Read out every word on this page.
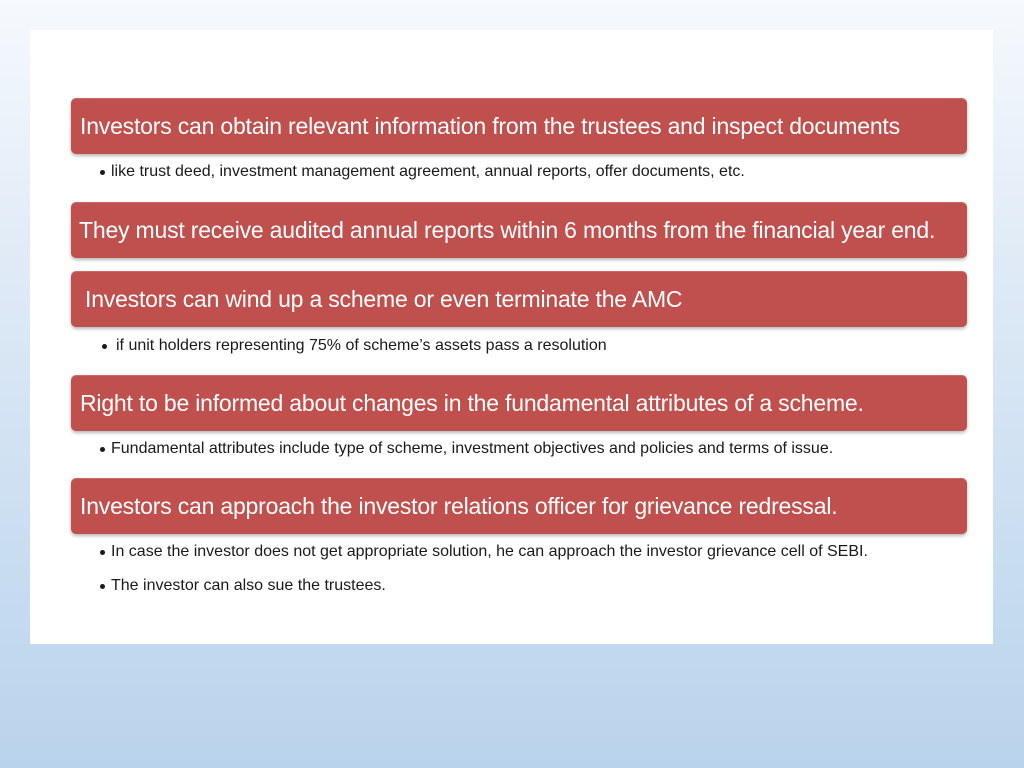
Investors can obtain relevant information from the trustees and inspect documents
like trust deed, investment management agreement, annual reports, offer documents, etc.
They must receive audited annual reports within 6 months from the financial year end.
Investors can wind up a scheme or even terminate the AMC
if unit holders representing 75% of scheme’s assets pass a resolution
Right to be informed about changes in the fundamental attributes of a scheme.
Fundamental attributes include type of scheme, investment objectives and policies and terms of issue.
Investors can approach the investor relations officer for grievance redressal.
In case the investor does not get appropriate solution, he can approach the investor grievance cell of SEBI.
The investor can also sue the trustees.
